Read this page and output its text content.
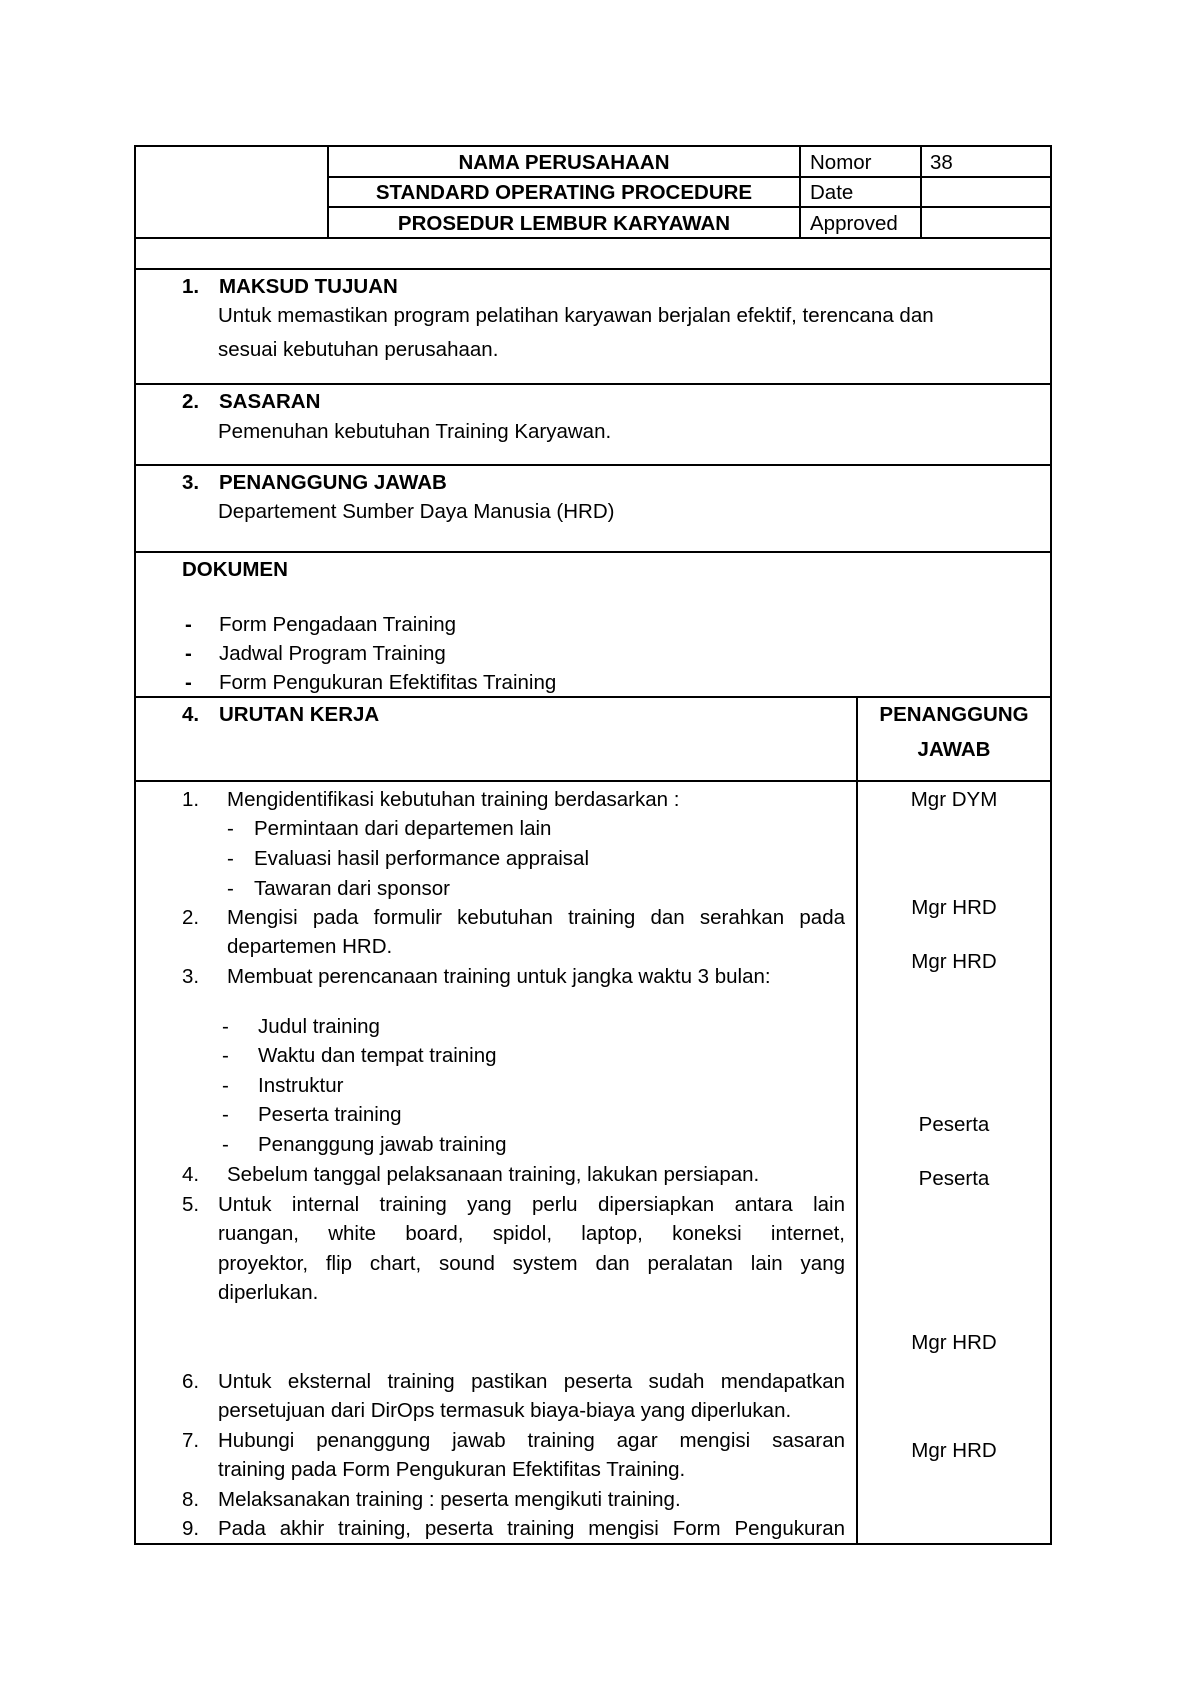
NAMA PERUSAHAAN
STANDARD OPERATING PROCEDURE
PROSEDUR LEMBUR KARYAWAN
Nomor	38
Date
Approved
1. MAKSUD TUJUAN
Untuk memastikan program pelatihan karyawan berjalan efektif, terencana dan
sesuai kebutuhan perusahaan.
2. SASARAN
Pemenuhan kebutuhan Training Karyawan.
3. PENANGGUNG JAWAB
Departement Sumber Daya Manusia (HRD)
DOKUMEN
- Form Pengadaan Training
- Jadwal Program Training
- Form Pengukuran Efektifitas Training
4. URUTAN KERJA	PENANGGUNG
JAWAB
1. Mengidentifikasi kebutuhan training berdasarkan :
- Permintaan dari departemen lain
- Evaluasi hasil performance appraisal
- Tawaran dari sponsor
2. Mengisi pada formulir kebutuhan training dan serahkan pada
departemen HRD.
3. Membuat perencanaan training untuk jangka waktu 3 bulan:
- Judul training
- Waktu dan tempat training
- Instruktur
- Peserta training
- Penanggung jawab training
4. Sebelum tanggal pelaksanaan training, lakukan persiapan.
5. Untuk internal training yang perlu dipersiapkan antara lain
ruangan, white board, spidol, laptop, koneksi internet,
proyektor, flip chart, sound system dan peralatan lain yang
diperlukan.
6. Untuk eksternal training pastikan peserta sudah mendapatkan
persetujuan dari DirOps termasuk biaya-biaya yang diperlukan.
7. Hubungi penanggung jawab training agar mengisi sasaran
training pada Form Pengukuran Efektifitas Training.
8. Melaksanakan training : peserta mengikuti training.
9. Pada akhir training, peserta training mengisi Form Pengukuran
Mgr DYM
Mgr HRD
Mgr HRD
Peserta
Peserta
Mgr HRD
Mgr HRD
